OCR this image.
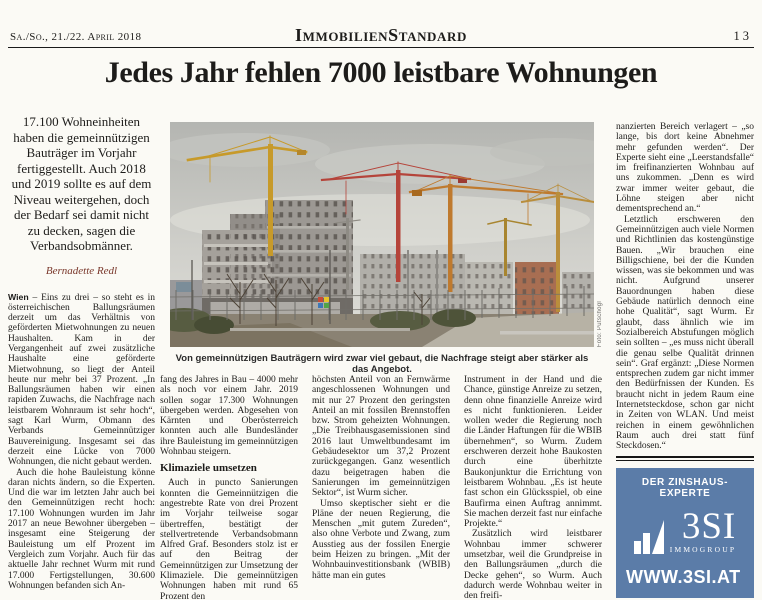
Sa./So., 21./22. April 2018	ImmobilienStandard	13
Jedes Jahr fehlen 7000 leistbare Wohnungen
17.100 Wohneinheiten haben die gemeinnützigen Bauträger im Vorjahr fertiggestellt. Auch 2018 und 2019 sollte es auf dem Niveau weitergehen, doch der Bedarf sei damit nicht zu decken, sagen die Verbandsobmänner.
Bernadette Redl

Wien – Eins zu drei – so steht es in österreichischen Ballungsräumen derzeit um das Verhältnis von geförderten Mietwohnungen zu neuen Haushalten. Kam in der Vergangenheit auf zwei zusätzliche Haushalte eine geförderte Mietwohnung, so liegt der Anteil heute nur mehr bei 37 Prozent. „In Ballungsräumen haben wir einen rapiden Zuwachs, die Nachfrage nach leistbarem Wohnraum ist sehr hoch“, sagt Karl Wurm, Obmann des Verbands Gemeinnütziger Bauvereinigung. Insgesamt sei das derzeit eine Lücke von 7000 Wohnungen, die nicht gebaut werden.

Auch die hohe Bauleistung könne daran nichts ändern, so die Experten. Und die war im letzten Jahr auch bei den Gemeinnützigen recht hoch: 17.100 Wohnungen wurden im Jahr 2017 an neue Bewohner übergeben – insgesamt eine Steigerung der Bauleistung um elf Prozent im Vergleich zum Vorjahr. Auch für das aktuelle Jahr rechnet Wurm mit rund 17.000 Fertigstellungen, 30.600 Wohnungen befanden sich An-

Von gemeinnützigen Bauträgern wird zwar viel gebaut, die Nachfrage steigt aber stärker als das Angebot.
Foto: Putschögl

fang des Jahres in Bau – 4000 mehr als noch vor einem Jahr. 2019 sollen sogar 17.300 Wohnungen übergeben werden. Abgesehen von Kärnten und Oberösterreich konnten auch alle Bundesländer ihre Bauleistung im gemeinnützigen Wohnbau steigern.

Klimaziele umsetzen

Auch in puncto Sanierungen konnten die Gemeinnützigen die angestrebte Rate von drei Prozent im Vorjahr teilweise sogar übertreffen, bestätigt der stellvertretende Verbandsobmann Alfred Graf. Besonders stolz ist er auf den Beitrag der Gemeinnützigen zur Umsetzung der Klimaziele. Die gemeinnützigen Wohnungen haben mit rund 65 Prozent den

höchsten Anteil von an Fernwärme angeschlossenen Wohnungen und mit nur 27 Prozent den geringsten Anteil an mit fossilen Brennstoffen bzw. Strom geheizten Wohnungen. „Die Treibhausgasemissionen sind 2016 laut Umweltbundesamt im Gebäudesektor um 37,2 Prozent zurückgegangen. Ganz wesentlich dazu beigetragen haben die Sanierungen im gemeinnützigen Sektor“, ist Wurm sicher.

Umso skeptischer sieht er die Pläne der neuen Regierung, die Menschen „mit gutem Zureden“, also ohne Verbote und Zwang, zum Ausstieg aus der fossilen Energie beim Heizen zu bringen. „Mit der Wohnbauinvestitionsbank (WBIB) hätte man ein gutes

Instrument in der Hand und die Chance, günstige Anreize zu setzen, denn ohne finanzielle Anreize wird es nicht funktionieren. Leider wollen weder die Regierung noch die Länder Haftungen für die WBIB übernehmen“, so Wurm. Zudem erschweren derzeit hohe Baukosten durch eine überhitzte Baukonjunktur die Errichtung von leistbarem Wohnbau. „Es ist heute fast schon ein Glücksspiel, ob eine Baufirma einen Auftrag annimmt. Sie machen derzeit fast nur einfache Projekte.“

Zusätzlich wird leistbarer Wohnbau immer schwerer umsetzbar, weil die Grundpreise in den Ballungsräumen „durch die Decke gehen“, so Wurm. Auch dadurch werde Wohnbau weiter in den freifi-

nanzierten Bereich verlagert – „so lange, bis dort keine Abnehmer mehr gefunden werden“. Der Experte sieht eine „Leerstandsfalle“ im freifinanzierten Wohnbau auf uns zukommen. „Denn es wird zwar immer weiter gebaut, die Löhne steigen aber nicht dementsprechend an.“

Letztlich erschweren den Gemeinnützigen auch viele Normen und Richtlinien das kostengünstige Bauen. „Wir brauchen eine Billigschiene, bei der die Kunden wissen, was sie bekommen und was nicht. Aufgrund unserer Bauordnungen haben diese Gebäude natürlich dennoch eine hohe Qualität“, sagt Wurm. Er glaubt, dass ähnlich wie im Sozialbereich Abstufungen möglich sein sollten – „es muss nicht überall die genau selbe Qualität drinnen sein“. Graf ergänzt: „Diese Normen entsprechen zudem gar nicht immer den Bedürfnissen der Kunden. Es braucht nicht in jedem Raum eine Internetsteckdose, schon gar nicht in Zeiten von WLAN. Und meist reichen in einem gewöhnlichen Raum auch drei statt fünf Steckdosen.“

DER ZINSHAUS-EXPERTE
3SI
IMMOGROUP
WWW.3SI.AT
